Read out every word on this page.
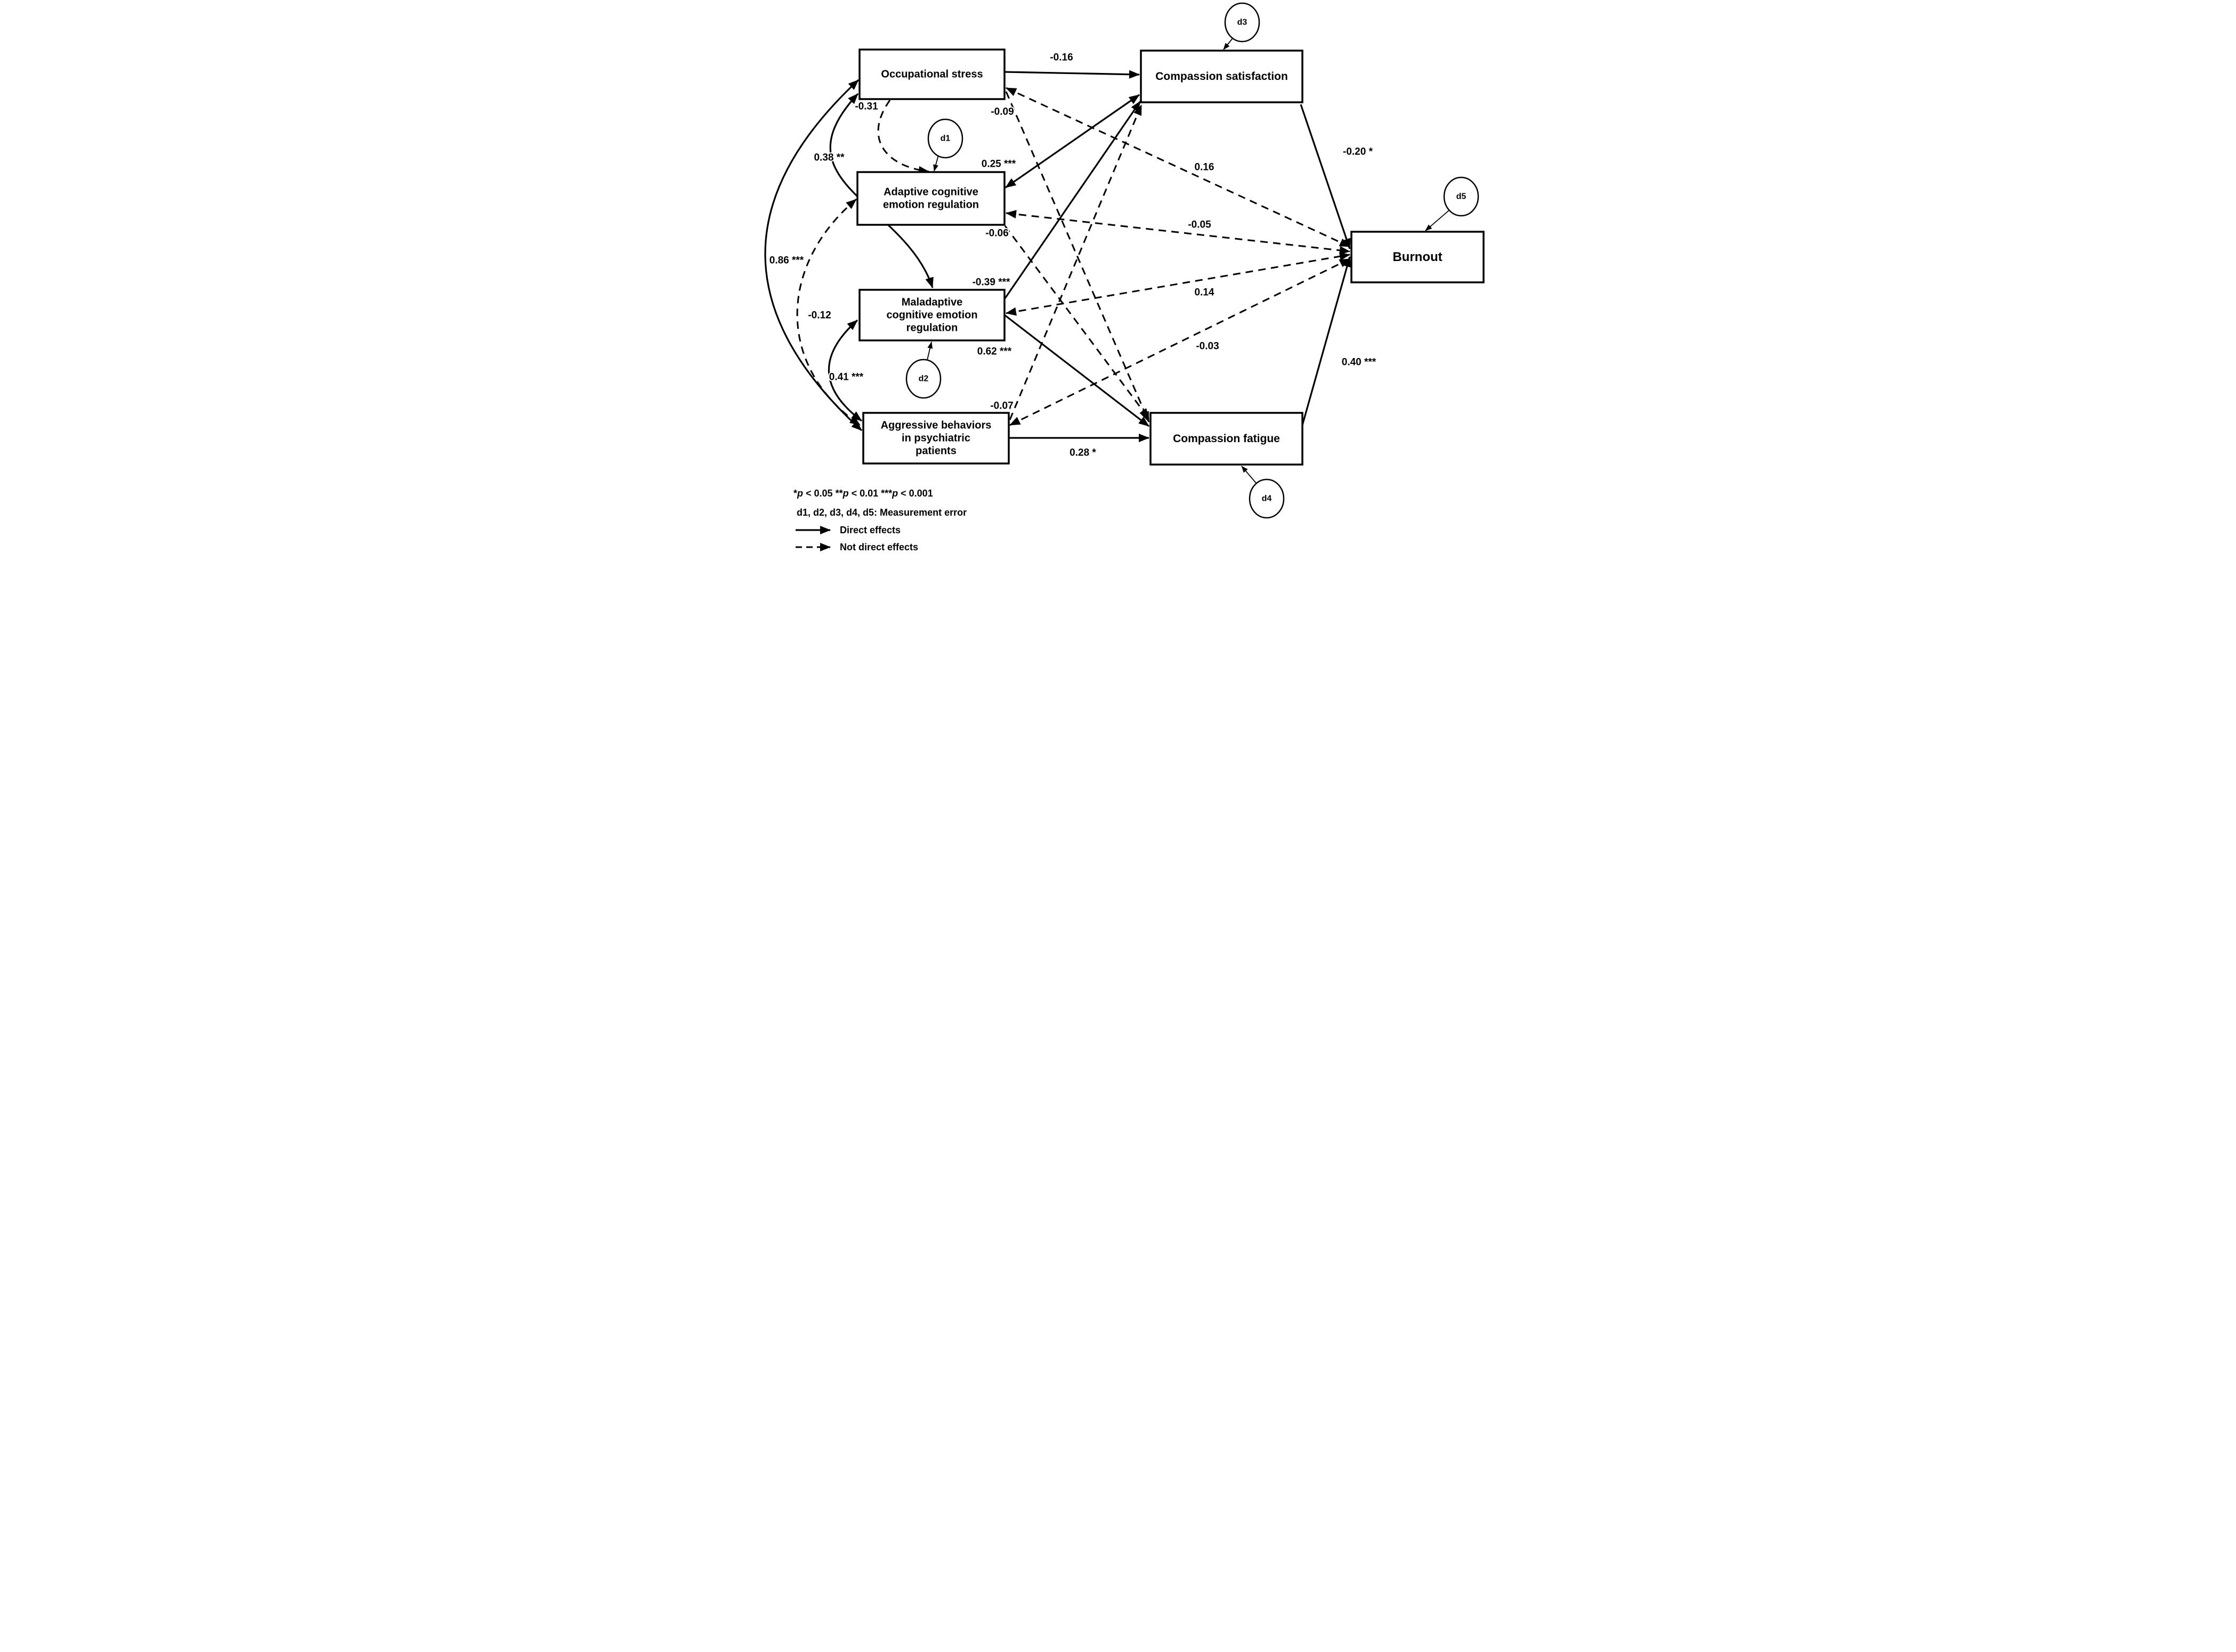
Occupational stress	Compassion satisfaction
Adaptive cognitive emotion regulation
Maladaptive cognitive emotion regulation
Aggressive behaviors in psychiatric patients
Compassion fatigue
Burnout
d1
d2
d3
d4
d5
-0.16
0.25 ***
-0.39 ***
0.62 ***
0.28 *
-0.20 *
0.40 ***
0.86 ***
0.38 **
0.41 ***
-0.31
-0.12
-0.09
0.16
-0.05
-0.06
0.14
-0.03
-0.07
*p < 0.05 **p < 0.01 ***p < 0.001
d1, d2, d3, d4, d5: Measurement error
Direct effects
Not direct effects
